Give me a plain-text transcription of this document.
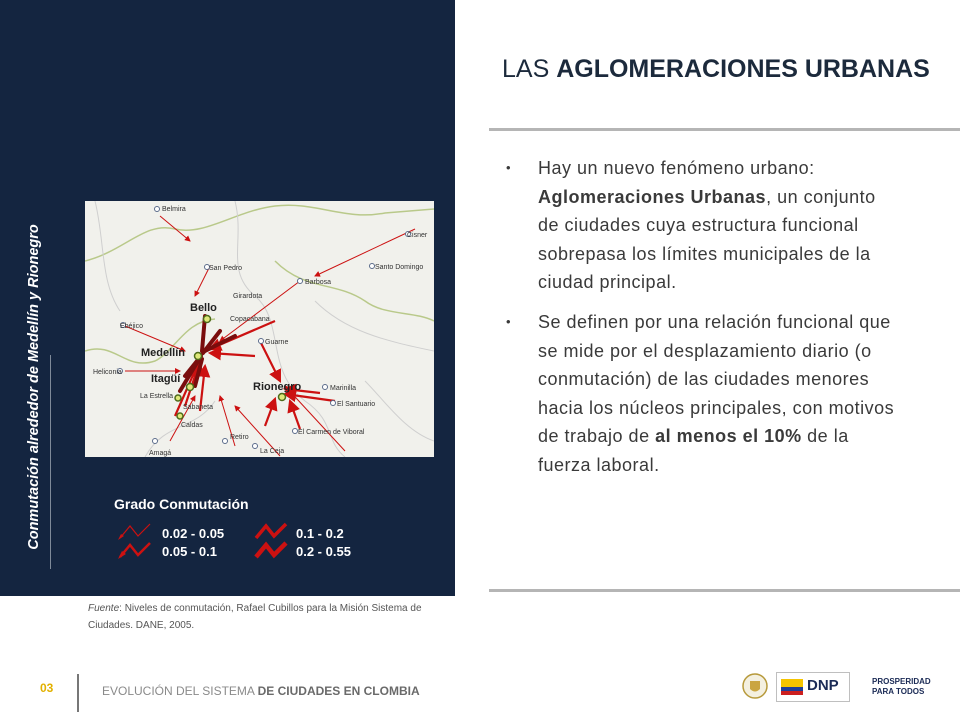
Conmutación alrededor de Medellín y Rionegro
Belmira
Cisner
San Pedro	Santo Domingo
Girardota
Barbosa
Copacabana
Ebéjico
Guarne
Heliconia
Marinilla
La Estrella
Sabaneta	El Santuario
Caldas
Retiro
El Carmen de Viboral
Amagá	La Ceja
Bello
Medellín
Itagüí
Rionegro
Grado Conmutación
0.02 - 0.05
0.05 - 0.1
0.1 - 0.2
0.2 - 0.55
Fuente: Niveles de conmutación, Rafael Cubillos para la Misión Sistema de Ciudades. DANE, 2005.
LAS AGLOMERACIONES URBANAS
• Hay un nuevo fenómeno urbano: Aglomeraciones Urbanas, un conjunto de ciudades cuya estructura funcional sobrepasa los límites municipales de la ciudad principal.
• Se definen por una relación funcional que se mide por el desplazamiento diario (o conmutación) de las ciudades menores hacia los núcleos principales, con motivos de trabajo de al menos el 10% de la fuerza laboral.
03	EVOLUCIÓN DEL SISTEMA DE CIUDADES EN CLOMBIA	DNP	PROSPERIDAD
PARA TODOS
